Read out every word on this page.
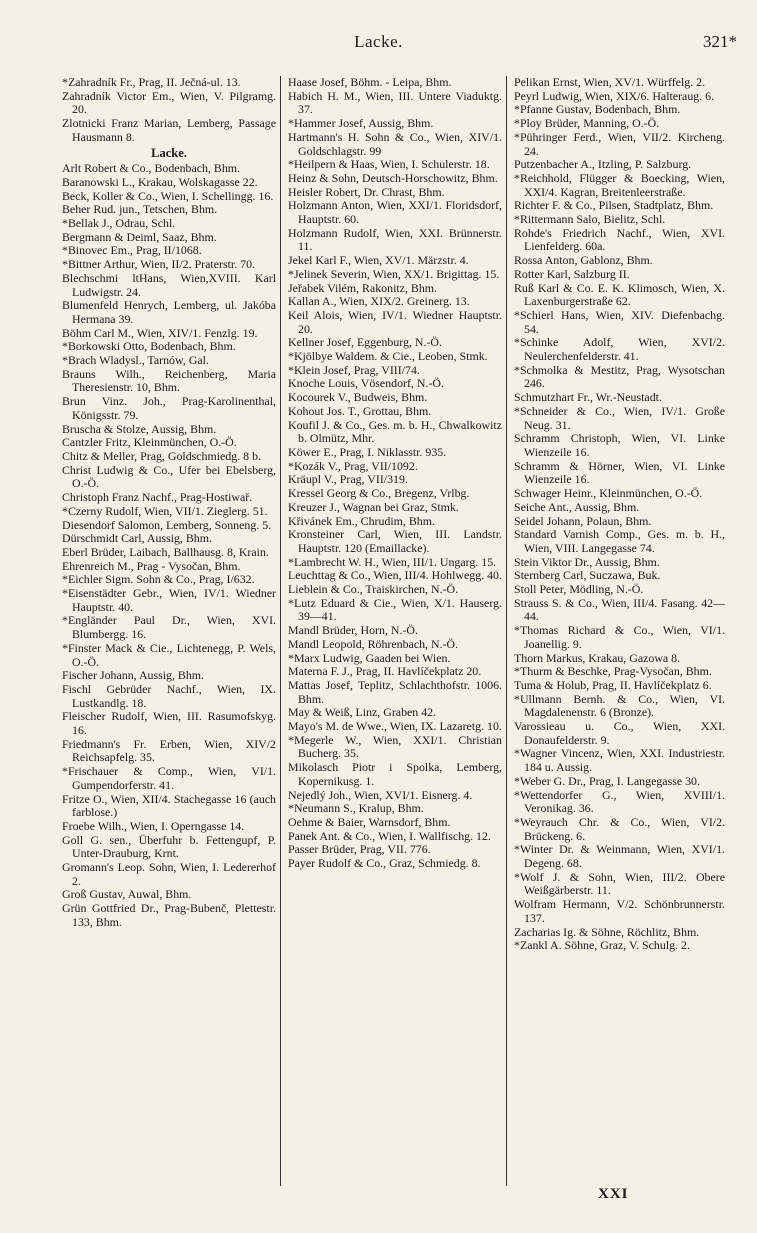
Lacke.	321*
*Zahradník Fr., Prag, II. Ječná-ul. 13.
Zahradník Victor Em., Wien, V. Pilgramg. 20.
Zlotnicki Franz Marian, Lemberg, Passage Hausmann 8.
Lacke.
Arlt Robert & Co., Bodenbach, Bhm.
Baranowski L., Krakau, Wolskagasse 22.
Beck, Koller & Co., Wien, I. Schellingg. 16.
Beher Rud. jun., Tetschen, Bhm.
*Bellak J., Odrau, Schl.
Bergmann & Deiml, Saaz, Bhm.
*Binovec Em., Prag, II/1068.
*Bittner Arthur, Wien, II/2. Praterstr. 70.
Blechschmi ltHans, Wien,XVIII. Karl Ludwigstr. 24.
Blumenfeld Henrych, Lemberg, ul. Jakóba Hermana 39.
Böhm Carl M., Wien, XIV/1. Fenzlg. 19.
*Borkowski Otto, Bodenbach, Bhm.
*Brach Wladysl., Tarnów, Gal.
Brauns Wilh., Reichenberg, Maria Theresienstr. 10, Bhm.
Brun Vinz. Joh., Prag-Karolinenthal, Königsstr. 79.
Bruscha & Stolze, Aussig, Bhm.
Cantzler Fritz, Kleinmünchen, O.-Ö.
Chitz & Meller, Prag, Goldschmiedg. 8 b.
Christ Ludwig & Co., Ufer bei Ebelsberg, O.-Ö.
Christoph Franz Nachf., Prag-Hostiwař.
*Czerny Rudolf, Wien, VII/1. Zieglerg. 51.
Diesendorf Salomon, Lemberg, Sonneng. 5.
Dürschmidt Carl, Aussig, Bhm.
Eberl Brüder, Laibach, Ballhausg. 8, Krain.
Ehrenreich M., Prag - Vysočan, Bhm.
*Eichler Sigm. Sohn & Co., Prag, I/632.
*Eisenstädter Gebr., Wien, IV/1. Wiedner Hauptstr. 40.
*Engländer Paul Dr., Wien, XVI. Blumbergg. 16.
*Finster Mack & Cie., Lichtenegg, P. Wels, O.-Ö.
Fischer Johann, Aussig, Bhm.
Fischl Gebrüder Nachf., Wien, IX. Lustkandlg. 18.
Fleischer Rudolf, Wien, III. Rasumofskyg. 16.
Friedmann's Fr. Erben, Wien, XIV/2 Reichsapfelg. 35.
*Frischauer & Comp., Wien, VI/1. Gumpendorferstr. 41.
Fritze O., Wien, XII/4. Stachegasse 16 (auch farblose.)
Froebe Wilh., Wien, I. Operngasse 14.
Goll G. sen., Überfuhr b. Fettengupf, P. Unter-Drauburg, Krnt.
Gromann's Leop. Sohn, Wien, I. Ledererhof 2.
Groß Gustav, Auwal, Bhm.
Grün Gottfried Dr., Prag-Bubenč, Plettestr. 133, Bhm.
Haase Josef, Böhm. - Leipa, Bhm.
Habich H. M., Wien, III. Untere Viaduktg. 37.
*Hammer Josef, Aussig, Bhm.
Hartmann's H. Sohn & Co., Wien, XIV/1. Goldschlagstr. 99
*Heilpern & Haas, Wien, I. Schulerstr. 18.
Heinz & Sohn, Deutsch-Horschowitz, Bhm.
Heisler Robert, Dr. Chrast, Bhm.
Holzmann Anton, Wien, XXI/1. Floridsdorf, Hauptstr. 60.
Holzmann Rudolf, Wien, XXI. Brünnerstr. 11.
Jekel Karl F., Wien, XV/1. Märzstr. 4.
*Jelinek Severin, Wien, XX/1. Brigittag. 15.
Jeřabek Vilém, Rakonitz, Bhm.
Kallan A., Wien, XIX/2. Greinerg. 13.
Keil Alois, Wien, IV/1. Wiedner Hauptstr. 20.
Kellner Josef, Eggenburg, N.-Ö.
*Kjölbye Waldem. & Cie., Leoben, Stmk.
*Klein Josef, Prag, VIII/74.
Knoche Louis, Vösendorf, N.-Ö.
Kocourek V., Budweis, Bhm.
Kohout Jos. T., Grottau, Bhm.
Koufil J. & Co., Ges. m. b. H., Chwalkowitz b. Olmütz, Mhr.
Köwer E., Prag, I. Niklasstr. 935.
*Kozák V., Prag, VII/1092.
Kräupl V., Prag, VII/319.
Kressel Georg & Co., Bregenz, Vrlbg.
Kreuzer J., Wagnan bei Graz, Stmk.
Křivánek Em., Chrudim, Bhm.
Kronsteiner Carl, Wien, III. Landstr. Hauptstr. 120 (Emaillacke).
*Lambrecht W. H., Wien, III/1. Ungarg. 15.
Leuchttag & Co., Wien, III/4. Hohlwegg. 40.
Lieblein & Co., Traiskirchen, N.-Ö.
*Lutz Eduard & Cie., Wien, X/1. Hauserg. 39—41.
Mandl Brüder, Horn, N.-Ö.
Mandl Leopold, Röhrenbach, N.-Ö.
*Marx Ludwig, Gaaden bei Wien.
Materna F. J., Prag, II. Havlíčekplatz 20.
Mattas Josef, Teplitz, Schlachthofstr. 1006. Bhm.
May & Weiß, Linz, Graben 42.
Mayo's M. de Wwe., Wien, IX. Lazaretg. 10.
*Megerle W., Wien, XXI/1. Christian Bucherg. 35.
Mikolasch Piotr i Spolka, Lemberg, Kopernikusg. 1.
Nejedlý Joh., Wien, XVI/1. Eisnerg. 4.
*Neumann S., Kralup, Bhm.
Oehme & Baier, Warnsdorf, Bhm.
Panek Ant. & Co., Wien, I. Wallfischg. 12.
Passer Brüder, Prag, VII. 776.
Payer Rudolf & Co., Graz, Schmiedg. 8.
Pelikan Ernst, Wien, XV/1. Würffelg. 2.
Peyrl Ludwig, Wien, XIX/6. Halteraug. 6.
*Pfanne Gustav, Bodenbach, Bhm.
*Ploy Brüder, Manning, O.-Ö.
*Pühringer Ferd., Wien, VII/2. Kircheng. 24.
Putzenbacher A., Itzling, P. Salzburg.
*Reichhold, Flügger & Boecking, Wien, XXI/4. Kagran, Breitenleerstraße.
Richter F. & Co., Pilsen, Stadtplatz, Bhm.
*Rittermann Salo, Bielitz, Schl.
Rohde's Friedrich Nachf., Wien, XVI. Lienfelderg. 60a.
Rossa Anton, Gablonz, Bhm.
Rotter Karl, Salzburg II.
Ruß Karl & Co. E. K. Klimosch, Wien, X. Laxenburgerstraße 62.
*Schierl Hans, Wien, XIV. Diefenbachg. 54.
*Schinke Adolf, Wien, XVI/2. Neulerchenfelderstr. 41.
*Schmolka & Mestitz, Prag, Wysotschan 246.
Schmutzhart Fr., Wr.-Neustadt.
*Schneider & Co., Wien, IV/1. Große Neug. 31.
Schramm Christoph, Wien, VI. Linke Wienzeile 16.
Schramm & Hörner, Wien, VI. Linke Wienzeile 16.
Schwager Heinr., Kleinmünchen, O.-Ö.
Seiche Ant., Aussig, Bhm.
Seidel Johann, Polaun, Bhm.
Standard Varnish Comp., Ges. m. b. H., Wien, VIII. Langegasse 74.
Stein Viktor Dr., Aussig, Bhm.
Sternberg Carl, Suczawa, Buk.
Stoll Peter, Mödling, N.-Ö.
Strauss S. & Co., Wien, III/4. Fasang. 42—44.
*Thomas Richard & Co., Wien, VI/1. Joanellig. 9.
Thorn Markus, Krakau, Gazowa 8.
*Thurm & Beschke, Prag-Vysočan, Bhm.
Tuma & Holub, Prag, II. Havlíčekplatz 6.
*Ullmann Bernh. & Co., Wien, VI. Magdalenenstr. 6 (Bronze).
Varossieau u. Co., Wien, XXI. Donaufelderstr. 9.
*Wagner Vincenz, Wien, XXI. Industriestr. 184 u. Aussig.
*Weber G. Dr., Prag, I. Langegasse 30.
*Wettendorfer G., Wien, XVIII/1. Veronikag. 36.
*Weyrauch Chr. & Co., Wien, VI/2. Brückeng. 6.
*Winter Dr. & Weinmann, Wien, XVI/1. Degeng. 68.
*Wolf J. & Sohn, Wien, III/2. Obere Weißgärberstr. 11.
Wolfram Hermann, V/2. Schönbrunnerstr. 137.
Zacharias Ig. & Söhne, Röchlitz, Bhm.
*Zankl A. Söhne, Graz, V. Schulg. 2.
XXI
